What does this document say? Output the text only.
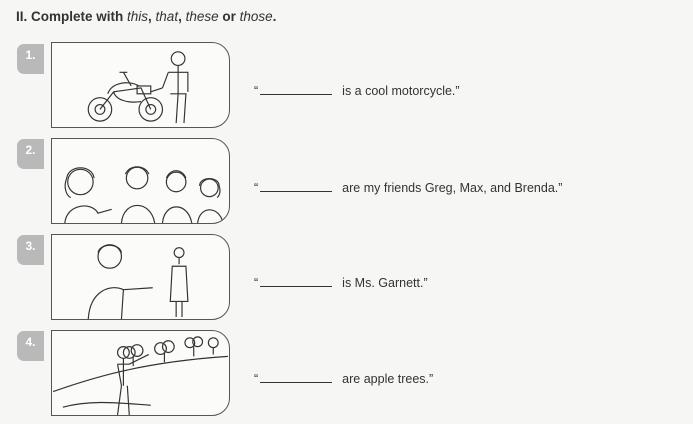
II. Complete with this, that, these or those.
1.
“	is a cool motorcycle.”
2.
“	are my friends Greg, Max, and Brenda.”
3.
“	is Ms. Garnett.”
4.
“	are apple trees.”
